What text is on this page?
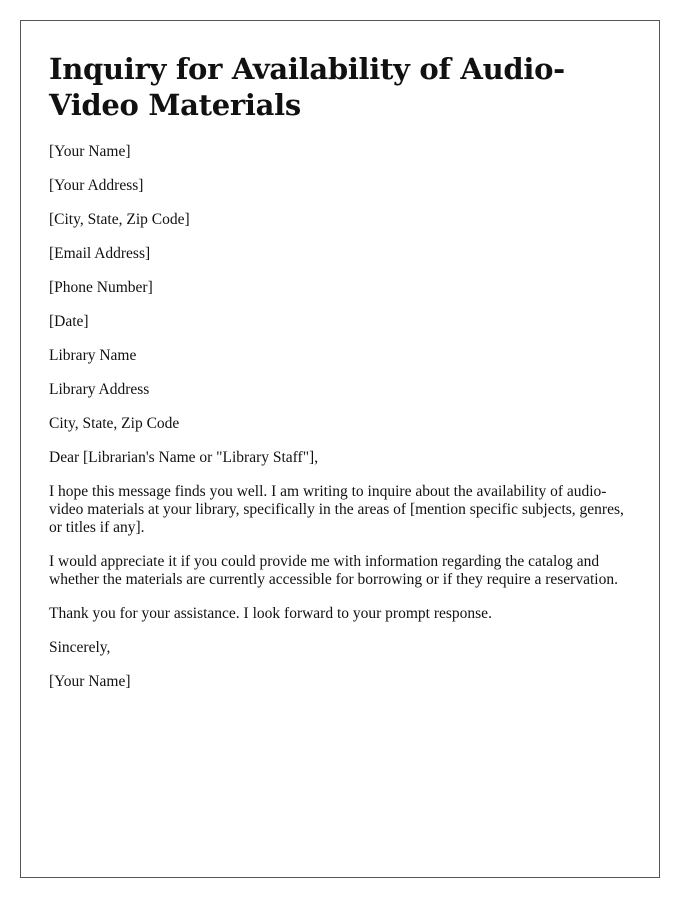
Inquiry for Availability of Audio-Video Materials

[Your Name]

[Your Address]

[City, State, Zip Code]

[Email Address]

[Phone Number]

[Date]

Library Name

Library Address

City, State, Zip Code

Dear [Librarian's Name or "Library Staff"],

I hope this message finds you well. I am writing to inquire about the availability of audio-video materials at your library, specifically in the areas of [mention specific subjects, genres, or titles if any].

I would appreciate it if you could provide me with information regarding the catalog and whether the materials are currently accessible for borrowing or if they require a reservation.

Thank you for your assistance. I look forward to your prompt response.

Sincerely,

[Your Name]
